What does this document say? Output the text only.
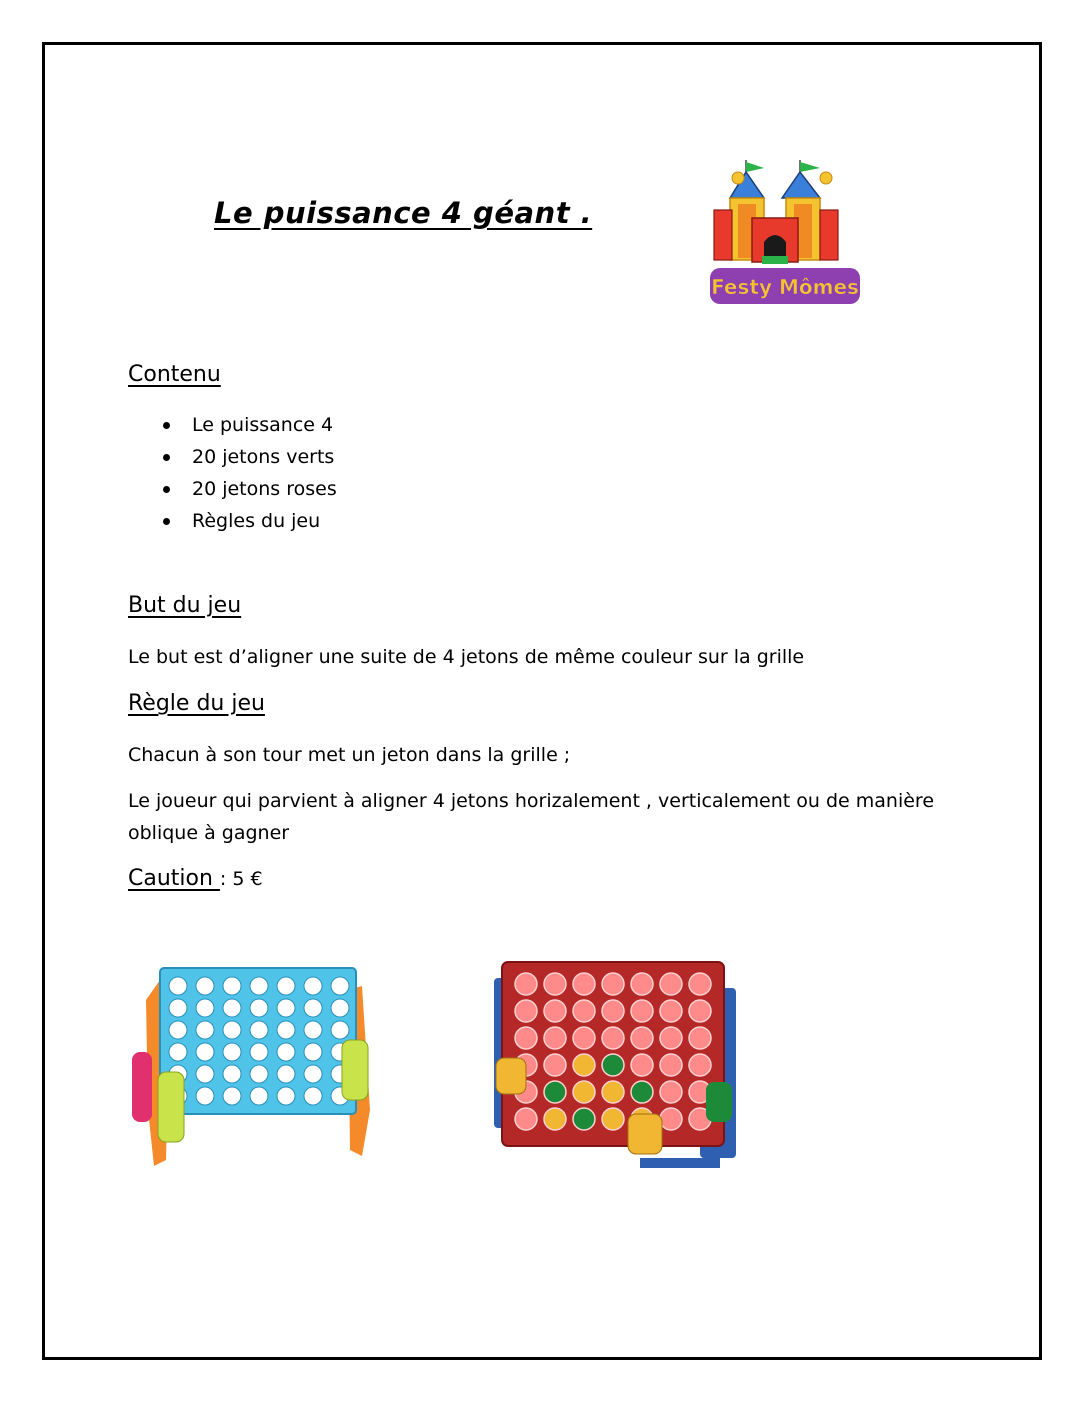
Le puissance 4 géant .
Festy Mômes
Contenu
Le puissance 4
20 jetons verts
20 jetons roses
Règles du jeu
But du jeu

Le but est d’aligner une suite de 4 jetons de même couleur sur la grille

Règle du jeu

Chacun à son tour met un jeton dans la grille ;

Le joueur qui parvient à aligner 4 jetons horizalement , verticalement ou de manière oblique à gagner

Caution : 5 €
